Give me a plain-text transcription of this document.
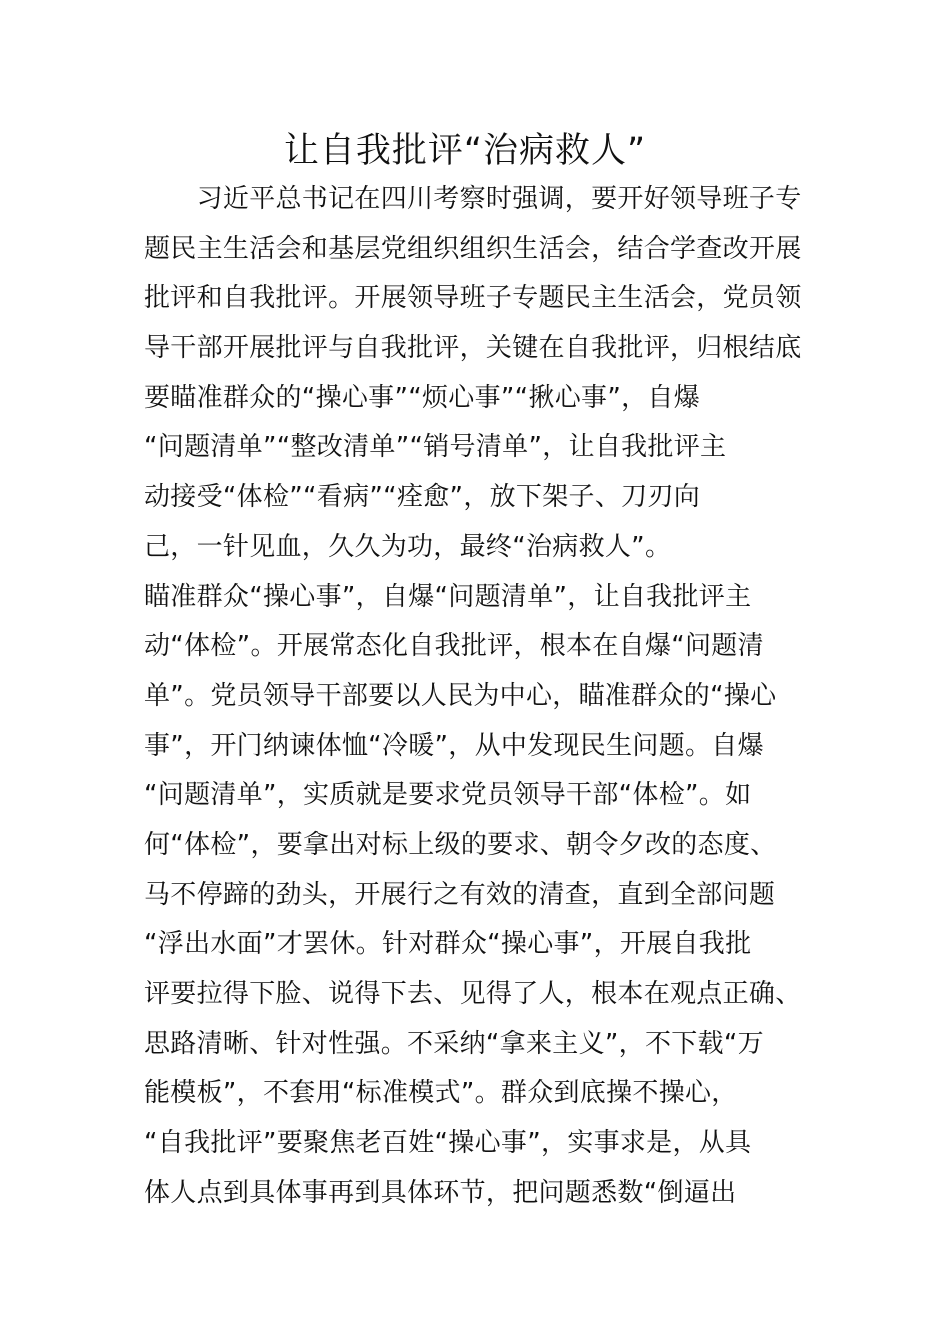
让自我批评“治病救人”
　　习近平总书记在四川考察时强调，要开好领导班子专
题民主生活会和基层党组织组织生活会，结合学查改开展
批评和自我批评。开展领导班子专题民主生活会，党员领
导干部开展批评与自我批评，关键在自我批评，归根结底
要瞄准群众的“操心事”“烦心事”“揪心事”，自爆
“问题清单”“整改清单”“销号清单”，让自我批评主
动接受“体检”“看病”“痊愈”，放下架子、刀刃向
己，一针见血，久久为功，最终“治病救人”。
瞄准群众“操心事”，自爆“问题清单”，让自我批评主
动“体检”。开展常态化自我批评，根本在自爆“问题清
单”。党员领导干部要以人民为中心，瞄准群众的“操心
事”，开门纳谏体恤“冷暖”，从中发现民生问题。自爆
“问题清单”，实质就是要求党员领导干部“体检”。如
何“体检”，要拿出对标上级的要求、朝令夕改的态度、
马不停蹄的劲头，开展行之有效的清查，直到全部问题
“浮出水面”才罢休。针对群众“操心事”，开展自我批
评要拉得下脸、说得下去、见得了人，根本在观点正确、
思路清晰、针对性强。不采纳“拿来主义”，不下载“万
能模板”，不套用“标准模式”。群众到底操不操心，
“自我批评”要聚焦老百姓“操心事”，实事求是，从具
体人点到具体事再到具体环节，把问题悉数“倒逼出
